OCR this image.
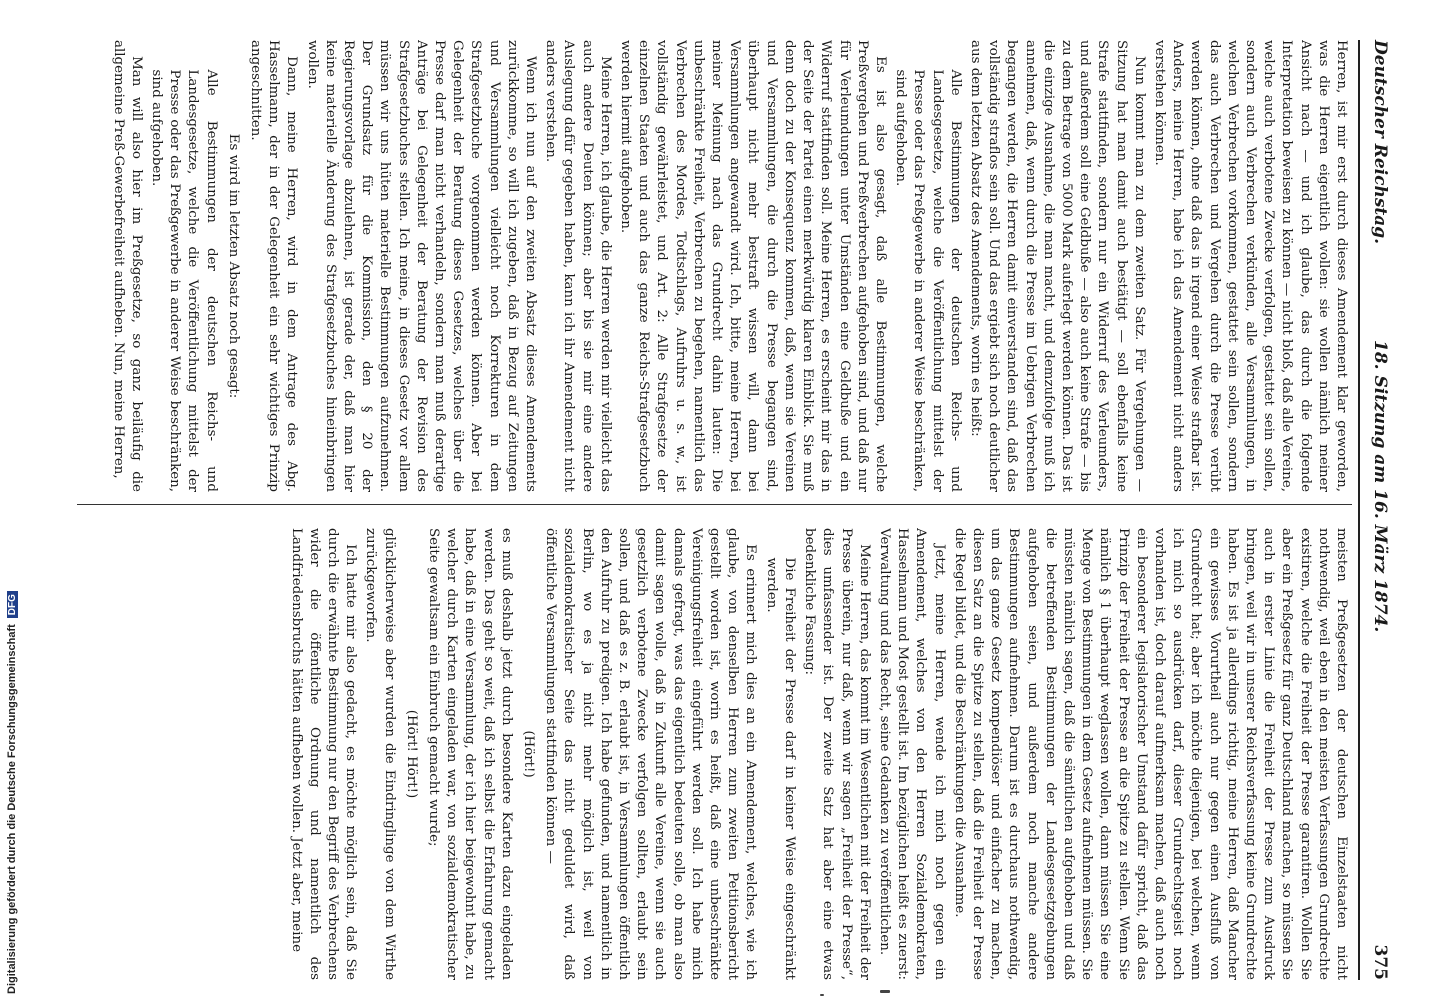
Deutscher Reichstag.
18. Sitzung am 16. März 1874.
375

Herren, ist mir erst durch dieses Amendement klar geworden, was die Herren eigentlich wollen: sie wollen nämlich meiner Ansicht nach — und ich glaube, das durch die folgende Interpretation beweisen zu können — nicht bloß, daß alle Vereine, welche auch verbotene Zwecke verfolgen, gestattet sein sollen, sondern auch Verbrechen verkünden, alle Versammlungen, in welchen Verbrechen vorkommen, gestattet sein sollen, sondern das auch Verbrechen und Vergehen durch die Presse verübt werden können, ohne daß das in irgend einer Weise strafbar ist. Anders, meine Herren, habe ich das Amendement nicht anders verstehen können.

Nun kommt man zu dem zweiten Satz. Für Vergehungen — Sitzung hat man damit auch bestätigt — soll ebenfalls keine Strafe stattfinden, sondern nur ein Widerruf des Verleumders, und außerdem soll eine Geldbuße — also auch keine Strafe — bis zu dem Betrage von 5000 Mark auferlegt werden können. Das ist die einzige Ausnahme, die man macht, und demzufolge muß ich annehmen, daß, wenn durch die Presse im Uebrigen Verbrechen begangen werden, die Herren damit einverstanden sind, daß das vollständig straflos sein soll. Und das ergiebt sich noch deutlicher aus dem letzten Absatz des Amendements, worin es heißt:

Alle Bestimmungen der deutschen Reichs- und Landesgesetze, welche die Veröffentlichung mittelst der Presse oder das Preßgewerbe in anderer Weise beschränken, sind aufgehoben.

Es ist also gesagt, daß alle Bestimmungen, welche Preßvergehen und Preßverbrechen aufgehoben sind, und daß nur für Verleumdungen unter Umständen eine Geldbuße und ein Widerruf stattfinden soll. Meine Herren, es erscheint mir das in der Seite der Partei einen merkwürdig klaren Einblick. Sie muß denn doch zu der Konsequenz kommen, daß, wenn sie Vereinen und Versammlungen, die durch die Presse begangen sind, überhaupt nicht mehr bestraft wissen will, dann bei Versammlungen angewandt wird. Ich, bitte, meine Herren, bei meiner Meinung nach das Grundrecht dahin lauten: Die unbeschränkte Freiheit, Verbrechen zu begehen, namentlich das Verbrechen des Mordes, Todtschlags, Aufruhrs u. s. w., ist vollständig gewährleistet, und Art. 2: Alle Strafgesetze der einzelnen Staaten und auch das ganze Reichs-Strafgesetzbuch werden hiermit aufgehoben.

Meine Herren, ich glaube, die Herren werden mir vielleicht das auch andere Deuten können; aber bis sie mir eine andere Auslegung dafür gegeben haben, kann ich ihr Amendement nicht anders verstehen.

Wenn ich nun auf den zweiten Absatz dieses Amendements zurückkomme, so will ich zugeben, daß in Bezug auf Zeitungen und Versammlungen vielleicht noch Korrekturen in dem Strafgesetzbuche vorgenommen werden können. Aber bei Gelegenheit der Beratung dieses Gesetzes, welches über die Presse darf man nicht verhandeln, sondern man muß derartige Anträge bei Gelegenheit der Beratung der Revision des Strafgesetzbuches stellen. Ich meine, in dieses Gesetz vor allem müssen wir uns hüten materielle Bestimmungen aufzunehmen. Der Grundsatz für die Kommission, den § 20 der Regierungsvorlage abzulehnen, ist gerade der, daß man hier keine materielle Änderung des Strafgesetzbuches hineinbringen wollen.

Dann, meine Herren, wird in dem Antrage des Abg. Hasselmann, der in der Gelegenheit ein sehr wichtiges Prinzip angeschnitten.

Es wird im letzten Absatz noch gesagt:

Alle Bestimmungen der deutschen Reichs- und Landesgesetze, welche die Veröffentlichung mittelst der Presse oder das Preßgewerbe in anderer Weise beschränken, sind aufgehoben.

Man will also hier im Preßgesetze, so ganz beiläufig die allgemeine Preß-Gewerbefreiheit aufheben. Nun, meine Herren,

meisten Preßgesetzen der deutschen Einzelstaaten nicht nothwendig, weil eben in den meisten Verfassungen Grundrechte existiren, welche die Freiheit der Presse garantiren. Wollen Sie aber ein Preßgesetz für ganz Deutschland machen, so müssen Sie auch in erster Linie die Freiheit der Presse zum Ausdruck bringen, weil wir in unserer Reichsverfassung keine Grundrechte haben. Es ist ja allerdings richtig, meine Herren, daß Mancher ein gewisses Vorurtheil auch nur gegen einen Ausfluß von Grundrecht hat; aber ich möchte diejenigen, bei welchen, wenn ich mich so ausdrücken darf, dieser Grundrechtsgeist noch vorhanden ist, doch darauf aufmerksam machen, daß auch noch ein besonderer legislatorischer Umstand dafür spricht, daß das Prinzip der Freiheit der Presse an die Spitze zu stellen. Wenn Sie nämlich § 1 überhaupt weglassen wollen, dann müssen Sie eine Menge von Bestimmungen in dem Gesetz aufnehmen müssen. Sie müssten nämlich sagen, daß die sämtlichen aufgehoben und daß die betreffenden Bestimmungen der Landesgesetzgebungen aufgehoben seien, und außerdem noch manche andere Bestimmungen aufnehmen. Darum ist es durchaus nothwendig, um das ganze Gesetz kompendiöser und einfacher zu machen, diesen Satz an die Spitze zu stellen, daß die Freiheit der Presse die Regel bildet, und die Beschränkungen die Ausnahme.

Jetzt, meine Herren, wende ich mich noch gegen ein Amendement, welches von den Herren Sozialdemokraten, Hasselmann und Most gestellt ist. Im bezüglichen heißt es zuerst: Verwaltung und das Recht, seine Gedanken zu veröffentlichen.

Meine Herren, das kommt im Wesentlichen mit der Freiheit der Presse überein, nur daß, wenn wir sagen „Freiheit der Presse“, dies umfassender ist. Der zweite Satz hat aber eine etwas bedenkliche Fassung:

Die Freiheit der Presse darf in keiner Weise eingeschränkt werden.

Es erinnert mich dies an ein Amendement, welches, wie ich glaube, von denselben Herren zum zweiten Petitionsbericht gestellt worden ist, worin es heißt, daß eine unbeschränkte Vereinigungsfreiheit eingeführt werden soll. Ich habe mich damals gefragt, was das eigentlich bedeuten solle, ob man also damit sagen wolle, daß in Zukunft alle Vereine, wenn sie auch gesetzlich verbotene Zwecke verfolgen sollten, erlaubt sein sollen, und daß es z. B. erlaubt ist, in Versammlungen öffentlich den Aufruhr zu predigen. Ich habe gefunden, und namentlich in Berlin, wo es ja nicht mehr möglich ist, weil von sozialdemokratischer Seite das nicht geduldet wird, daß öffentliche Versammlungen stattfinden können —

(Hört!)

es muß deshalb jetzt durch besondere Karten dazu eingeladen werden. Das geht so weit, daß ich selbst die Erfahrung gemacht habe, daß in eine Versammlung, der ich hier beigewohnt habe, zu welcher durch Karten eingeladen war, von sozialdemokratischer Seite gewaltsam ein Einbruch gemacht wurde;

(Hört! Hört!)

glücklicherweise aber wurden die Eindringlinge von dem Wirthe zurückgeworfen.

Ich hatte mir also gedacht, es möchte möglich sein, daß Sie durch die erwähnte Bestimmung nur den Begriff des Verbrechens wider die öffentliche Ordnung und namentlich des Landfriedensbruchs hätten aufheben wollen. Jetzt aber, meine

Digitalisierung gefördert durch die Deutsche ForschungsgemeinschaftDFG
